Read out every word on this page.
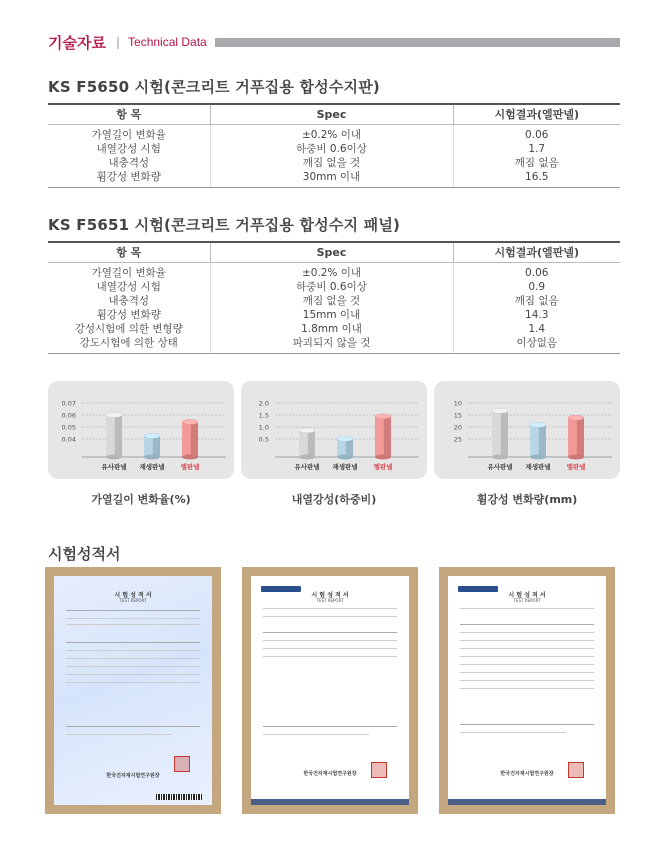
기술자료 | Technical Data
KS F5650 시험(콘크리트 거푸집용 합성수지판)
항 목	Spec	시험결과(엘판넬)
가열길이 변화율	±0.2% 이내	0.06
내열강성 시험	하중비 0.6이상	1.7
내충격성	깨짐 없을 것	깨짐 없음
휨강성 변화량	30mm 이내	16.5
KS F5651 시험(콘크리트 거푸집용 합성수지 패널)
항 목	Spec	시험결과(엘판넬)
가열길이 변화율	±0.2% 이내	0.06
내열강성 시험	하중비 0.6이상	0.9
내충격성	깨짐 없을 것	깨짐 없음
휨강성 변화량	15mm 이내	14.3
강성시험에 의한 변형량	1.8mm 이내	1.4
강도시험에 의한 상태	파괴되지 않을 것	이상없음
0.07
0.06
0.05
0.04
유사판넬 재생판넬 엘판넬
2.0
1.5
1.0
0.5
유사판넬 재생판넬 엘판넬
10
15
20
25
유사판넬 재생판넬 엘판넬
가열길이 변화율(%)	내열강성(하중비)	휨강성 변화량(mm)
시험성적서
시 험 성 적 서
TEST REPORT
한국건자재시험연구원장
시 험 성 적 서
TEST REPORT
한국건자재시험연구원장
시 험 성 적 서
TEST REPORT
한국건자재시험연구원장
